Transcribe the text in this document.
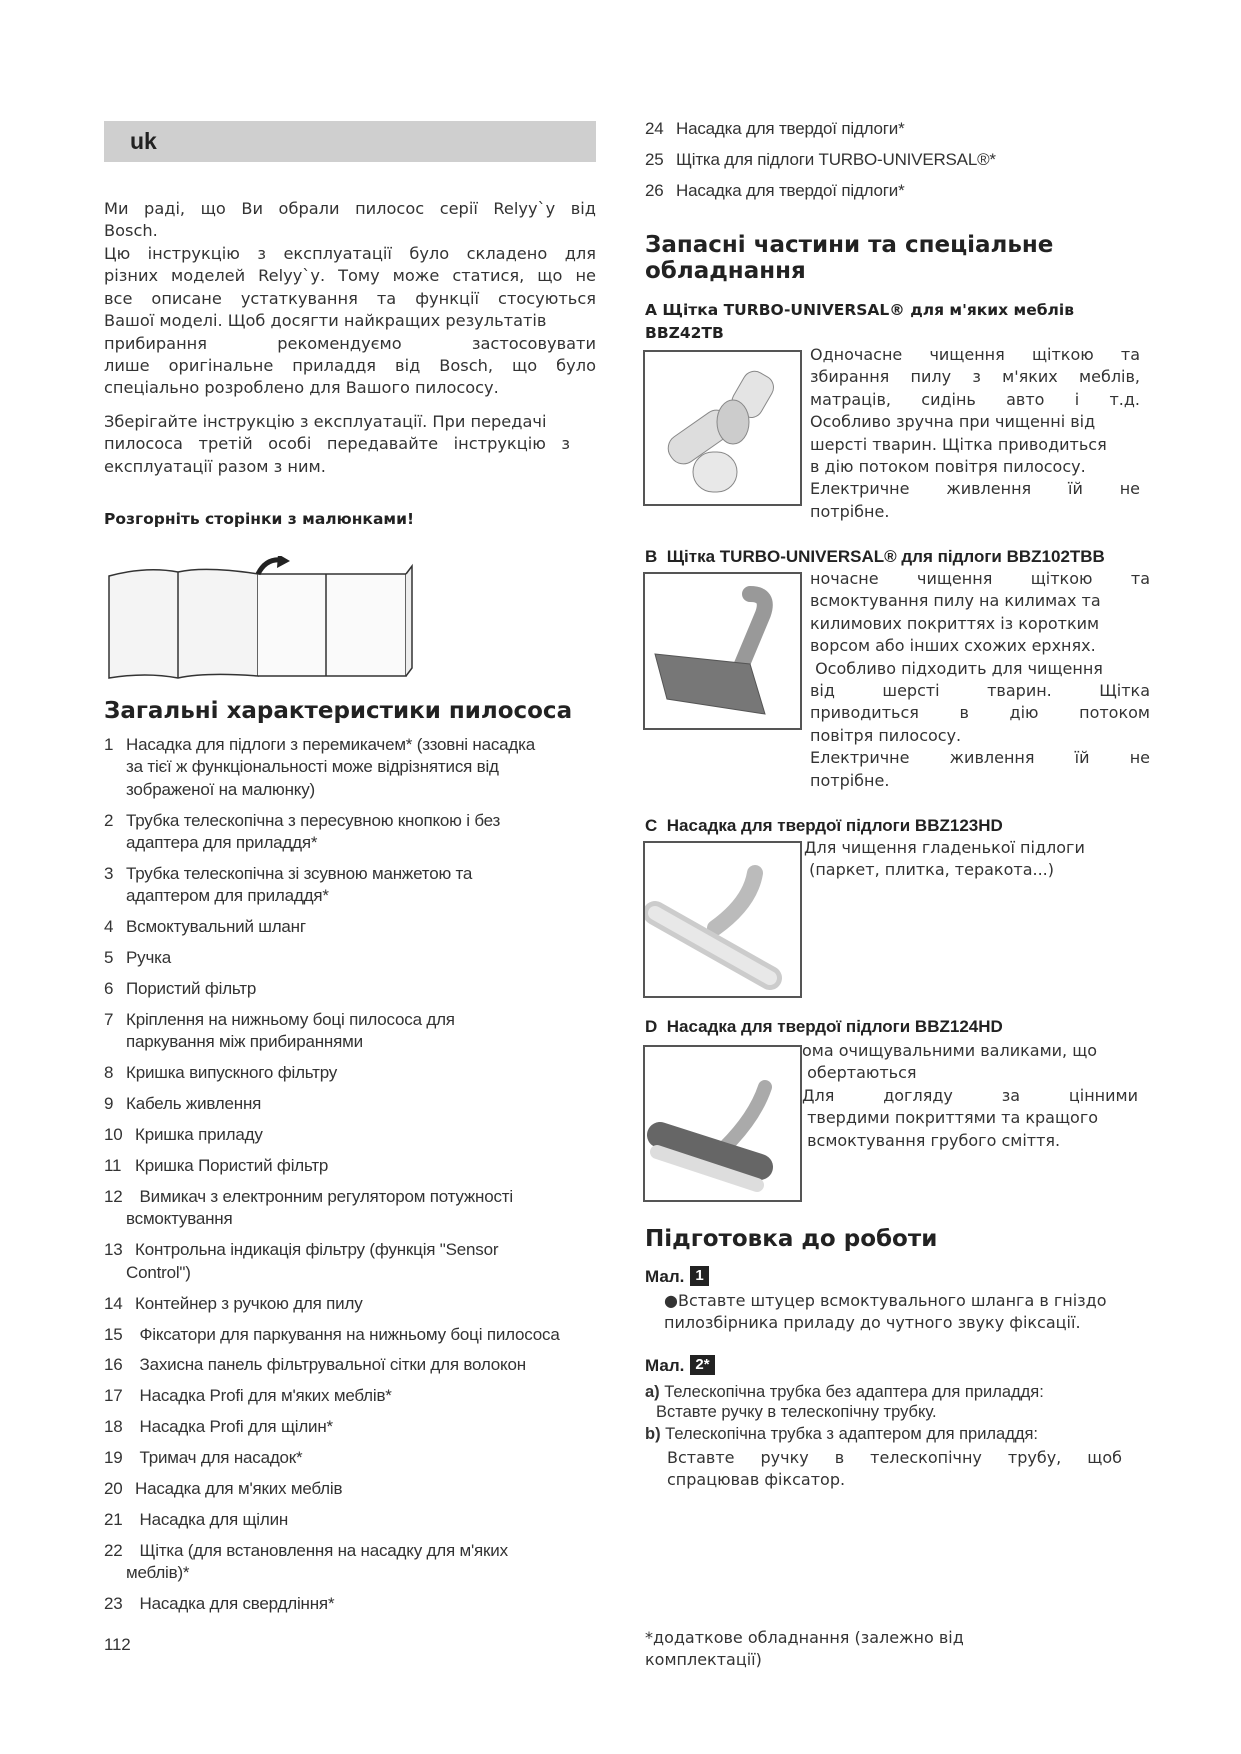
uk
Ми раді, що Ви обрали пилосос серії Relyy`у від
Bosch.
Цю інструкцію з експлуатації було складено для
різних моделей Relyy`у. Тому може статися, що не
все описане устаткування та функції стосуються
Вашої моделі. Щоб досягти найкращих результатів
прибирання рекомендуємо застосовувати
лише оригінальне приладдя від Bosch, що було
спеціально розроблено для Вашого пилососу.
Зберігайте інструкцію з експлуатації. При передачі
пилососа третій особі передавайте інструкцію з
експлуатації разом з ним.
Розгорніть сторінки з малюнками!
Загальні характеристики пилососа
1 Насадка для підлоги з перемикачем* (ззовні насадка
за тієї ж функціональності може відрізнятися від
зображеної на малюнку)
2 Трубка телескопічна з пересувною кнопкою і без
адаптера для приладдя*
3 Трубка телескопічна зі зсувною манжетою та
адаптером для приладдя*
4 Всмоктувальний шланг
5 Ручка
6 Пористий фільтр
7 Кріплення на нижньому боці пилососа для
паркування між прибираннями
8 Кришка випускного фільтру
9 Кабель живлення
10 Кришка приладу
11 Кришка Пористий фільтр
12 Вимикач з електронним регулятором потужності
всмоктування
13 Контрольна індикація фільтру (функція "Sensor
Control")
14 Контейнер з ручкою для пилу
15 Фіксатори для паркування на нижньому боці пилососа
16 Захисна панель фільтрувальної сітки для волокон
17 Насадка Profi для м'яких меблів*
18 Насадка Profi для щілин*
19 Тримач для насадок*
20 Насадка для м'яких меблів
21 Насадка для щілин
22 Щітка (для встановлення на насадку для м'яких
меблів)*
23 Насадка для свердління*
112
24 Насадка для твердої підлоги*
25 Щітка для підлоги TURBO-UNIVERSAL®*
26 Насадка для твердої підлоги*
Запасні частини та спеціальне
обладнання
A Щітка TURBO-UNIVERSAL® для м'яких меблів
BBZ42TB
Одночасне чищення щіткою та
збирання пилу з м'яких меблів,
матраців, сидінь авто і т.д.
Особливо зручна при чищенні від
шерсті тварин. Щітка приводиться
в дію потоком повітря пилососу.
Електричне живлення їй не
потрібне.
B  Щітка TURBO-UNIVERSAL® для підлоги BBZ102TBB
ночасне чищення щіткою та
всмоктування пилу на килимах та
килимових покриттях із коротким
ворсом або інших схожих ерхнях.
Особливо підходить для чищення
від шерсті тварин. Щітка
приводиться в дію потоком
повітря пилососу.
Електричне живлення їй не
потрібне.
C  Насадка для твердої підлоги BBZ123HD
Для чищення гладенької підлоги
(паркет, плитка, теракота...)
D  Насадка для твердої підлоги BBZ124HD
ома очищувальними валиками, що
обертаються
Для догляду за цінними
твердими покриттями та кращого
всмоктування грубого сміття.
Підготовка до роботи
Мал. 1
●Вставте штуцер всмоктувального шланга в гніздо
пилозбірника приладу до чутного звуку фіксації.
Мал. 2*
a) Телескопічна трубка без адаптера для приладдя:
Вставте ручку в телескопічну трубку.
b) Телескопічна трубка з адаптером для приладдя:
Вставте ручку в телескопічну трубу, щоб
спрацював фіксатор.
*додаткове обладнання (залежно від
комплектації)
